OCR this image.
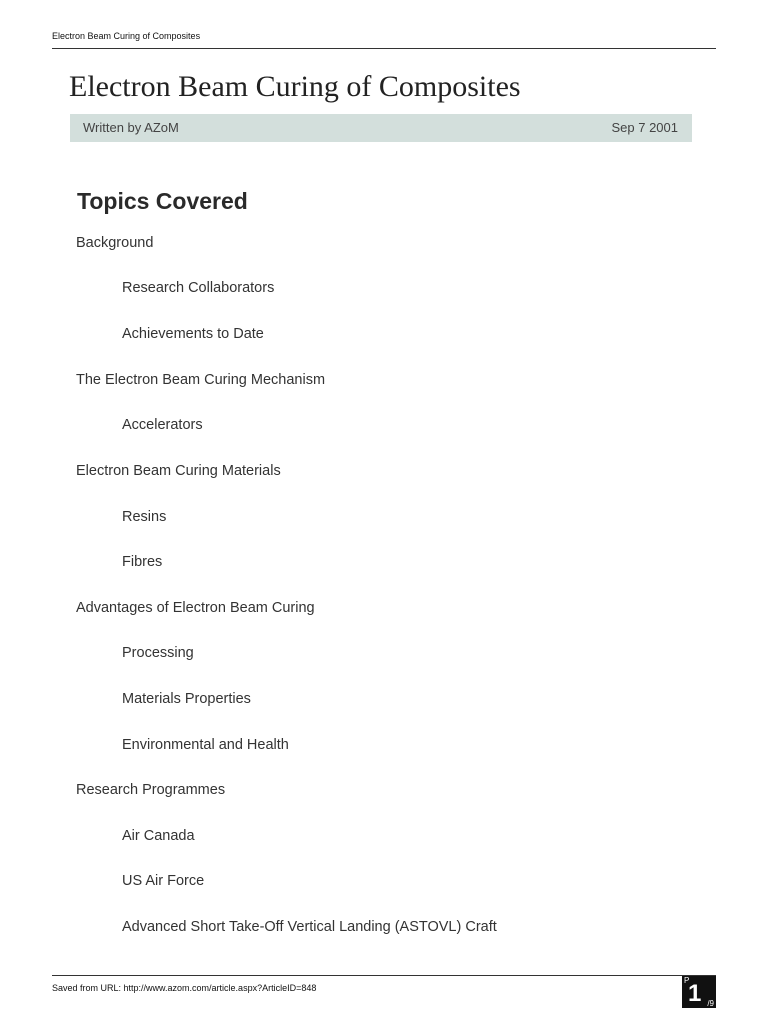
Electron Beam Curing of Composites
Electron Beam Curing of Composites
Written by AZoM	Sep 7 2001
Topics Covered
Background
Research Collaborators
Achievements to Date
The Electron Beam Curing Mechanism
Accelerators
Electron Beam Curing Materials
Resins
Fibres
Advantages of Electron Beam Curing
Processing
Materials Properties
Environmental and Health
Research Programmes
Air Canada
US Air Force
Advanced Short Take-Off Vertical Landing (ASTOVL) Craft
Saved from URL: http://www.azom.com/article.aspx?ArticleID=848
P
1 /9
